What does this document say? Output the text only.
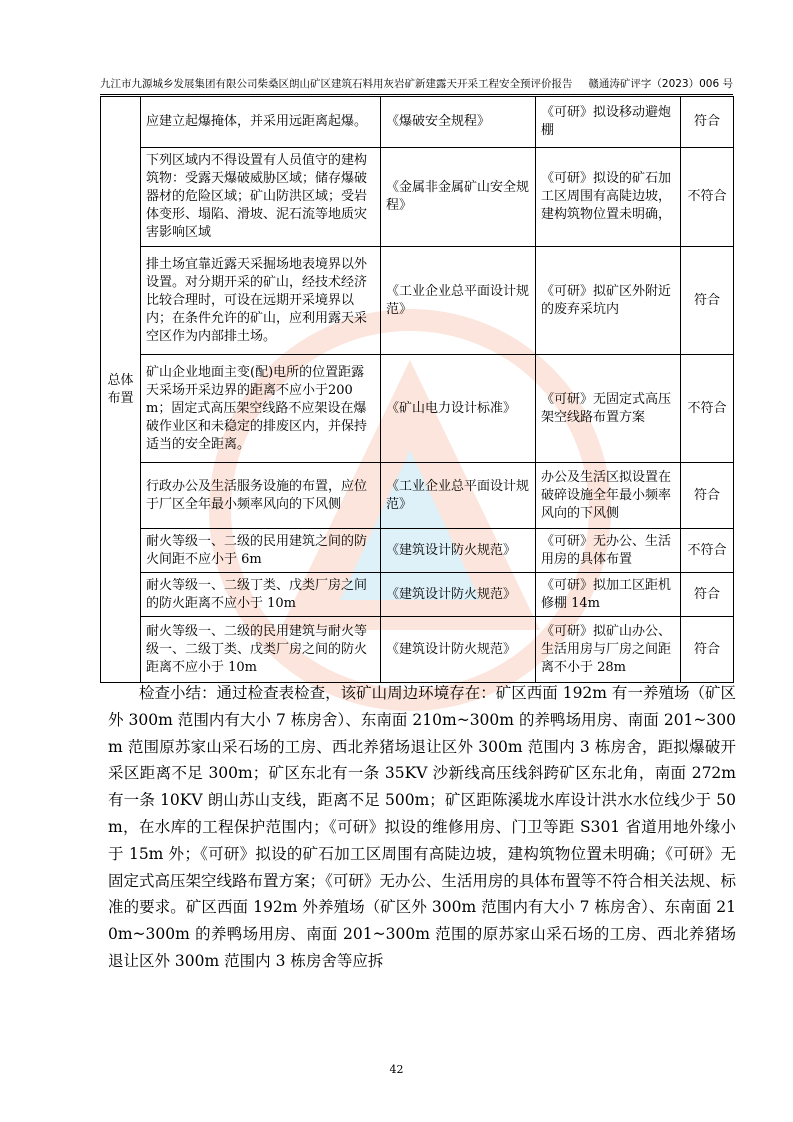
九江市九源城乡发展集团有限公司柴桑区朗山矿区建筑石料用灰岩矿新建露天开采工程安全预评价报告 赣通涛矿评字（2023）006 号
总体布置	应建立起爆掩体，并采用远距离起爆。	《爆破安全规程》	《可研》拟设移动避炮棚	符合
	下列区域内不得设置有人员值守的建构筑物：受露天爆破威胁区域；储存爆破器材的危险区域；矿山防洪区域；受岩体变形、塌陷、滑坡、泥石流等地质灾害影响区域	《金属非金属矿山安全规程》	《可研》拟设的矿石加工区周围有高陡边坡，建构筑物位置未明确，	不符合
	排土场宜靠近露天采掘场地表境界以外设置。对分期开采的矿山，经技术经济比较合理时，可设在远期开采境界以内；在条件允许的矿山，应利用露天采空区作为内部排土场。	《工业企业总平面设计规范》	《可研》拟矿区外附近的废弃采坑内	符合
	矿山企业地面主变(配)电所的位置距露天采场开采边界的距离不应小于200m；固定式高压架空线路不应架设在爆破作业区和未稳定的排废区内，并保持适当的安全距离。	《矿山电力设计标准》	《可研》无固定式高压架空线路布置方案	不符合
	行政办公及生活服务设施的布置，应位于厂区全年最小频率风向的下风侧	《工业企业总平面设计规范》	办公及生活区拟设置在破碎设施全年最小频率风向的下风侧	符合
	耐火等级一、二级的民用建筑之间的防火间距不应小于 6m	《建筑设计防火规范》	《可研》无办公、生活用房的具体布置	不符合
	耐火等级一、二级丁类、戊类厂房之间的防火距离不应小于 10m	《建筑设计防火规范》	《可研》拟加工区距机修棚 14m	符合
	耐火等级一、二级的民用建筑与耐火等级一、二级丁类、戊类厂房之间的防火距离不应小于 10m	《建筑设计防火规范》	《可研》拟矿山办公、生活用房与厂房之间距离不小于 28m	符合

检查小结：通过检查表检查，该矿山周边环境存在：矿区西面 192m 有一养殖场（矿区外 300m 范围内有大小 7 栋房舍）、东南面 210m~300m 的养鸭场用房、南面 201~300m 范围原苏家山采石场的工房、西北养猪场退让区外 300m 范围内 3 栋房舍，距拟爆破开采区距离不足 300m；矿区东北有一条 35KV 沙新线高压线斜跨矿区东北角，南面 272m 有一条 10KV 朗山苏山支线，距离不足 500m；矿区距陈溪垅水库设计洪水水位线少于 50m，在水库的工程保护范围内；《可研》拟设的维修用房、门卫等距 S301 省道用地外缘小于 15m 外；《可研》拟设的矿石加工区周围有高陡边坡，建构筑物位置未明确；《可研》无固定式高压架空线路布置方案；《可研》无办公、生活用房的具体布置等不符合相关法规、标准的要求。矿区西面 192m 外养殖场（矿区外 300m 范围内有大小 7 栋房舍）、东南面 210m~300m 的养鸭场用房、南面 201~300m 范围的原苏家山采石场的工房、西北养猪场退让区外 300m 范围内 3 栋房舍等应拆

42
